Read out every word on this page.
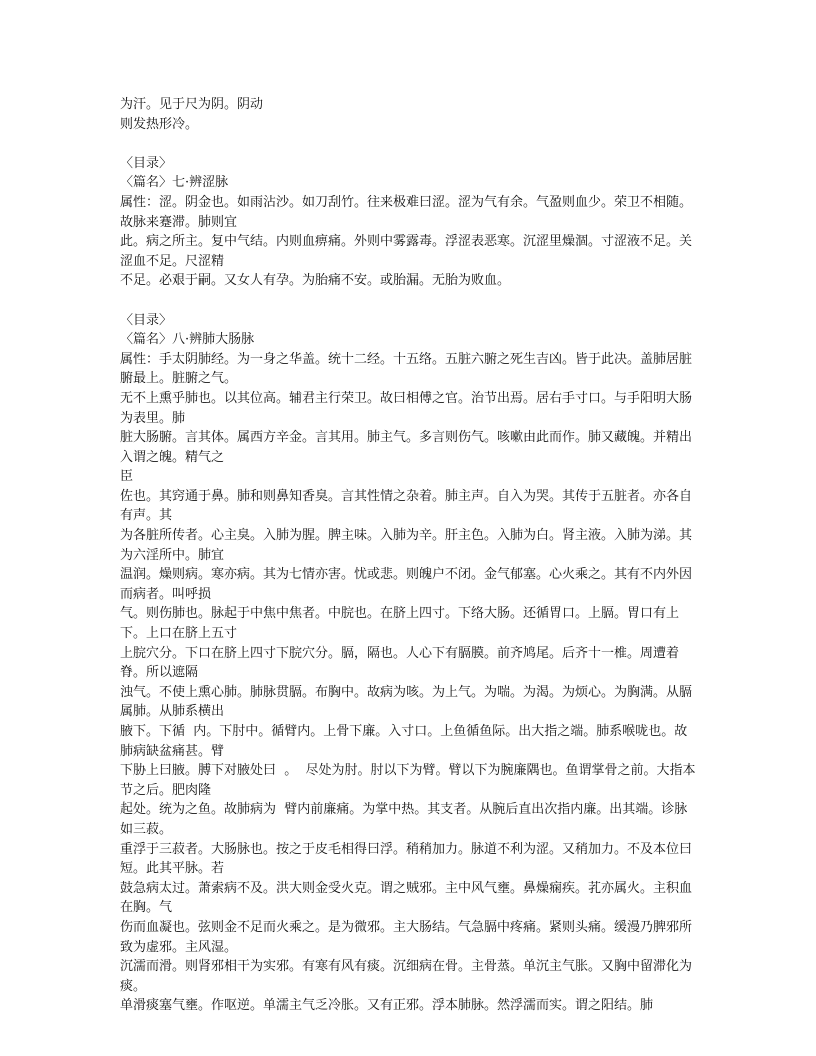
为汗。见于尺为阴。阴动
则发热形冷。
〈目录〉
〈篇名〉七·辨涩脉
属性：涩。阴金也。如雨沾沙。如刀刮竹。往来极难曰涩。涩为气有余。气盈则血少。荣卫不相随。故脉来蹇滞。肺则宜
此。病之所主。复中气结。内则血痹痛。外则中雾露毒。浮涩表恶寒。沉涩里燥涸。寸涩液不足。关涩血不足。尺涩精
不足。必艰于嗣。又女人有孕。为胎痛不安。或胎漏。无胎为败血。
〈目录〉
〈篇名〉八·辨肺大肠脉
属性：手太阴肺经。为一身之华盖。统十二经。十五络。五脏六腑之死生吉凶。皆于此决。盖肺居脏腑最上。脏腑之气。
无不上熏乎肺也。以其位高。辅君主行荣卫。故曰相傅之官。治节出焉。居右手寸口。与手阳明大肠为表里。肺
脏大肠腑。言其体。属西方辛金。言其用。肺主气。多言则伤气。咳嗽由此而作。肺又藏魄。并精出入谓之魄。精气之
臣
佐也。其窍通于鼻。肺和则鼻知香臭。言其性情之杂着。肺主声。自入为哭。其传于五脏者。亦各自有声。其
为各脏所传者。心主臭。入肺为腥。脾主味。入肺为辛。肝主色。入肺为白。肾主液。入肺为涕。其为六淫所中。肺宜
温润。燥则病。寒亦病。其为七情亦害。忧或悲。则魄户不闭。金气郁塞。心火乘之。其有不内外因而病者。叫呼损
气。则伤肺也。脉起于中焦中焦者。中脘也。在脐上四寸。下络大肠。还循胃口。上膈。胃口有上下。上口在脐上五寸
上脘穴分。下口在脐上四寸下脘穴分。膈，隔也。人心下有膈膜。前齐鸠尾。后齐十一椎。周遭着脊。所以遮隔
浊气。不使上熏心肺。肺脉贯膈。布胸中。故病为咳。为上气。为喘。为渴。为烦心。为胸满。从膈属肺。从肺系横出
腋下。下循  内。下肘中。循臂内。上骨下廉。入寸口。上鱼循鱼际。出大指之端。肺系喉咙也。故肺病缺盆痛甚。臂
下胁上曰腋。膊下对腋处曰  。  尽处为肘。肘以下为臂。臂以下为腕廉隅也。鱼谓掌骨之前。大指本节之后。肥肉隆
起处。统为之鱼。故肺病为  臂内前廉痛。为掌中热。其支者。从腕后直出次指内廉。出其端。诊脉如三菽。
重浮于三菽者。大肠脉也。按之于皮毛相得曰浮。稍稍加力。脉道不利为涩。又稍加力。不及本位曰短。此其平脉。若
鼓急病太过。萧索病不及。洪大则金受火克。谓之贼邪。主中风气壅。鼻燥痫疾。芤亦属火。主积血在胸。气
伤而血凝也。弦则金不足而火乘之。是为微邪。主大肠结。气急膈中疼痛。紧则头痛。缓漫乃脾邪所致为虚邪。主风湿。
沉濡而滑。则肾邪相干为实邪。有寒有风有痰。沉细病在骨。主骨蒸。单沉主气胀。又胸中留滞化为痰。
单滑痰塞气壅。作呕逆。单濡主气乏冷胀。又有正邪。浮本肺脉。然浮濡而实。谓之阳结。肺
